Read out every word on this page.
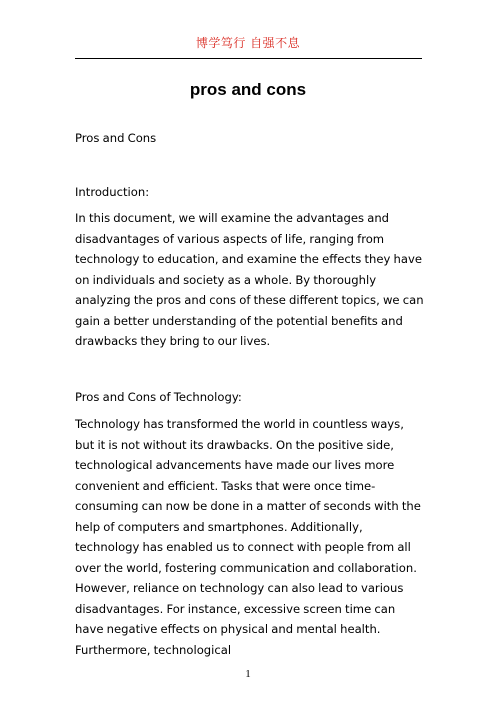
博学笃行 自强不息
pros and cons

Pros and Cons

Introduction:

In this document, we will examine the advantages and disadvantages of various aspects of life, ranging from technology to education, and examine the effects they have on individuals and society as a whole. By thoroughly analyzing the pros and cons of these different topics, we can gain a better understanding of the potential benefits and drawbacks they bring to our lives.

Pros and Cons of Technology:

Technology has transformed the world in countless ways, but it is not without its drawbacks. On the positive side, technological advancements have made our lives more convenient and efficient. Tasks that were once time-consuming can now be done in a matter of seconds with the help of computers and smartphones. Additionally, technology has enabled us to connect with people from all over the world, fostering communication and collaboration. However, reliance on technology can also lead to various disadvantages. For instance, excessive screen time can have negative effects on physical and mental health. Furthermore, technological

1
